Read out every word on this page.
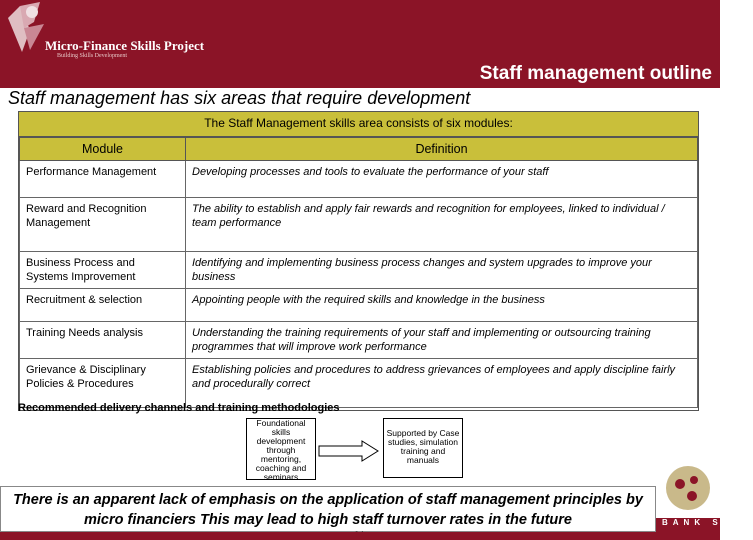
Micro-Finance Skills Project
Building Skills Development
Staff management outline
Staff management has six areas that require development
The Staff Management skills area consists of six modules:
Module	Definition
Performance Management	Developing processes and tools to evaluate the performance of your staff
Reward and Recognition Management	The ability to establish and apply fair rewards and recognition for employees, linked to individual / team performance
Business Process and Systems Improvement	Identifying and implementing business process changes and system upgrades to improve your business
Recruitment & selection	Appointing people with the required skills and knowledge in the business
Training Needs analysis	Understanding the training requirements of your staff and implementing or outsourcing training programmes that will improve work performance
Grievance & Disciplinary Policies & Procedures	Establishing policies and procedures to address grievances of employees and apply discipline fairly and procedurally correct
Recommended delivery channels and training methodologies
Foundational skills development through mentoring, coaching and seminars
Supported by Case studies, simulation training and manuals
There is an apparent lack of emphasis on the application of staff management principles by micro financiers This may lead to high staff turnover rates in the future	BANK SETA
